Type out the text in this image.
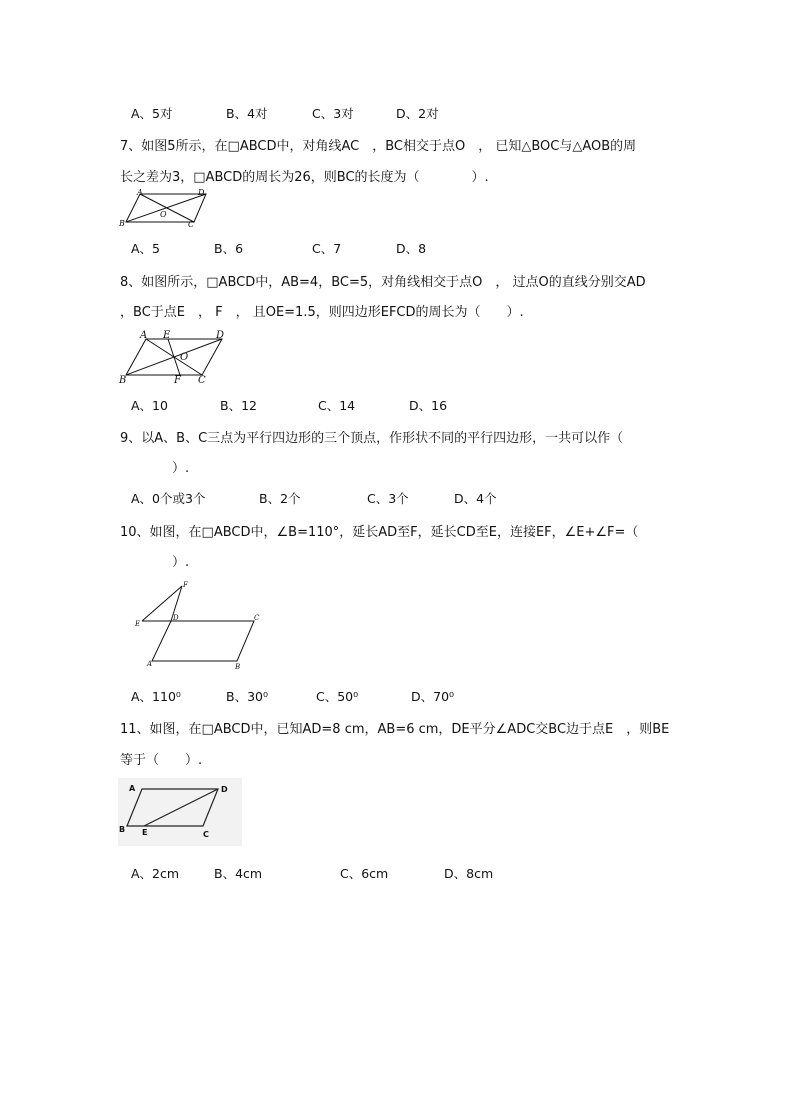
A、5对	B、4对	C、3对	D、2对
7、如图5所示，在□ABCD中，对角线AC　，BC相交于点O　， 已知△BOC与△AOB的周
长之差为3，□ABCD的周长为26，则BC的长度为（　　　　）.
A	D
B	C
O
A、5	B、6	C、7	D、8
8、如图所示，□ABCD中，AB=4，BC=5，对角线相交于点O　， 过点O的直线分别交AD
，BC于点E　， F　， 且OE=1.5，则四边形EFCD的周长为（　　）.
A E	D
O
B	F C
A、10	B、12	C、14	D、16
9、以A、B、C三点为平行四边形的三个顶点，作形状不同的平行四边形，一共可以作（
）.
A、0个或3个	B、2个	C、3个	D、4个
10、如图，在□ABCD中，∠B=110°，延长AD至F，延长CD至E，连接EF，∠E+∠F=（
）.
F
E
D	C
A	B
A、110⁰	B、30⁰	C、50⁰	D、70⁰
11、如图，在□ABCD中，已知AD=8 cm，AB=6 cm，DE平分∠ADC交BC边于点E　，则BE
等于（　　）.
A	D
B E	C
A、2cm	B、4cm	C、6cm	D、8cm
